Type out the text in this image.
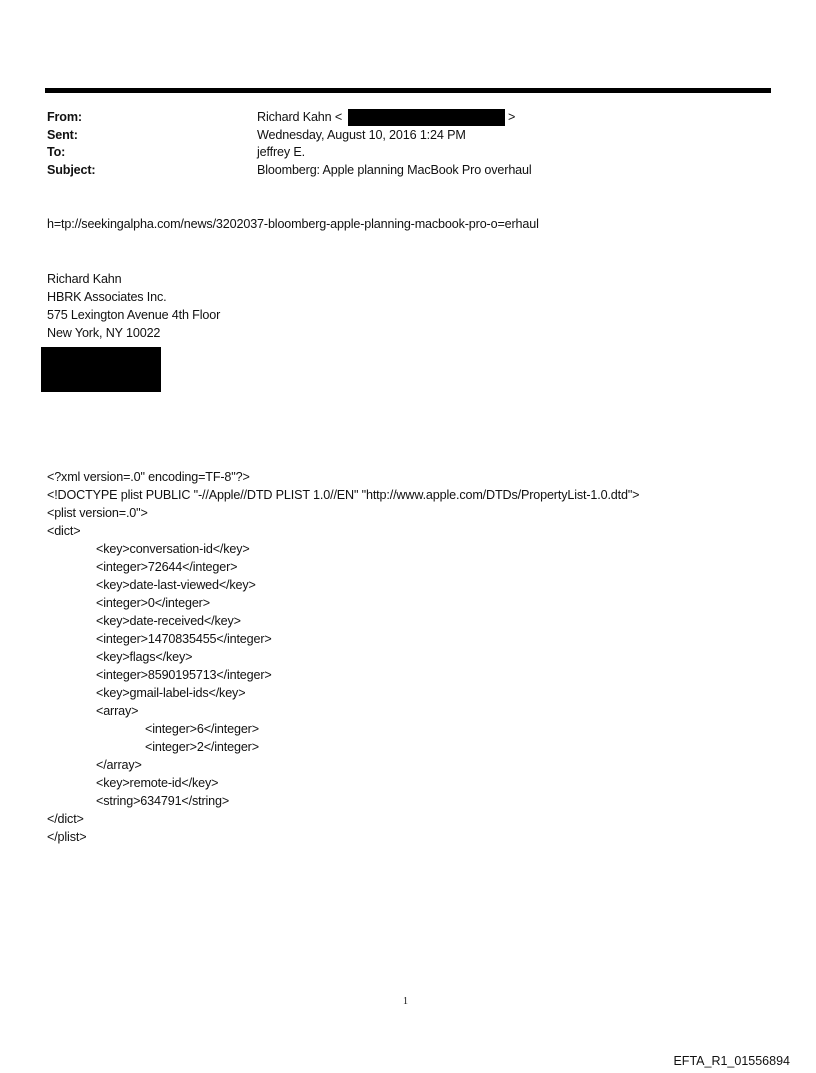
From:	Richard Kahn <	>
Sent:	Wednesday, August 10, 2016 1:24 PM
To:	jeffrey E.
Subject:	Bloomberg: Apple planning MacBook Pro overhaul
h=tp://seekingalpha.com/news/3202037-bloomberg-apple-planning-macbook-pro-o=erhaul
Richard Kahn
HBRK Associates Inc.
575 Lexington Avenue 4th Floor
New York, NY 10022
<?xml version=.0" encoding=TF-8"?>
<!DOCTYPE plist PUBLIC "-//Apple//DTD PLIST 1.0//EN" "http://www.apple.com/DTDs/PropertyList-1.0.dtd">
<plist version=.0">
<dict>
<key>conversation-id</key>
<integer>72644</integer>
<key>date-last-viewed</key>
<integer>0</integer>
<key>date-received</key>
<integer>1470835455</integer>
<key>flags</key>
<integer>8590195713</integer>
<key>gmail-label-ids</key>
<array>
<integer>6</integer>
<integer>2</integer>
</array>
<key>remote-id</key>
<string>634791</string>
</dict>
</plist>
1
EFTA_R1_01556894
